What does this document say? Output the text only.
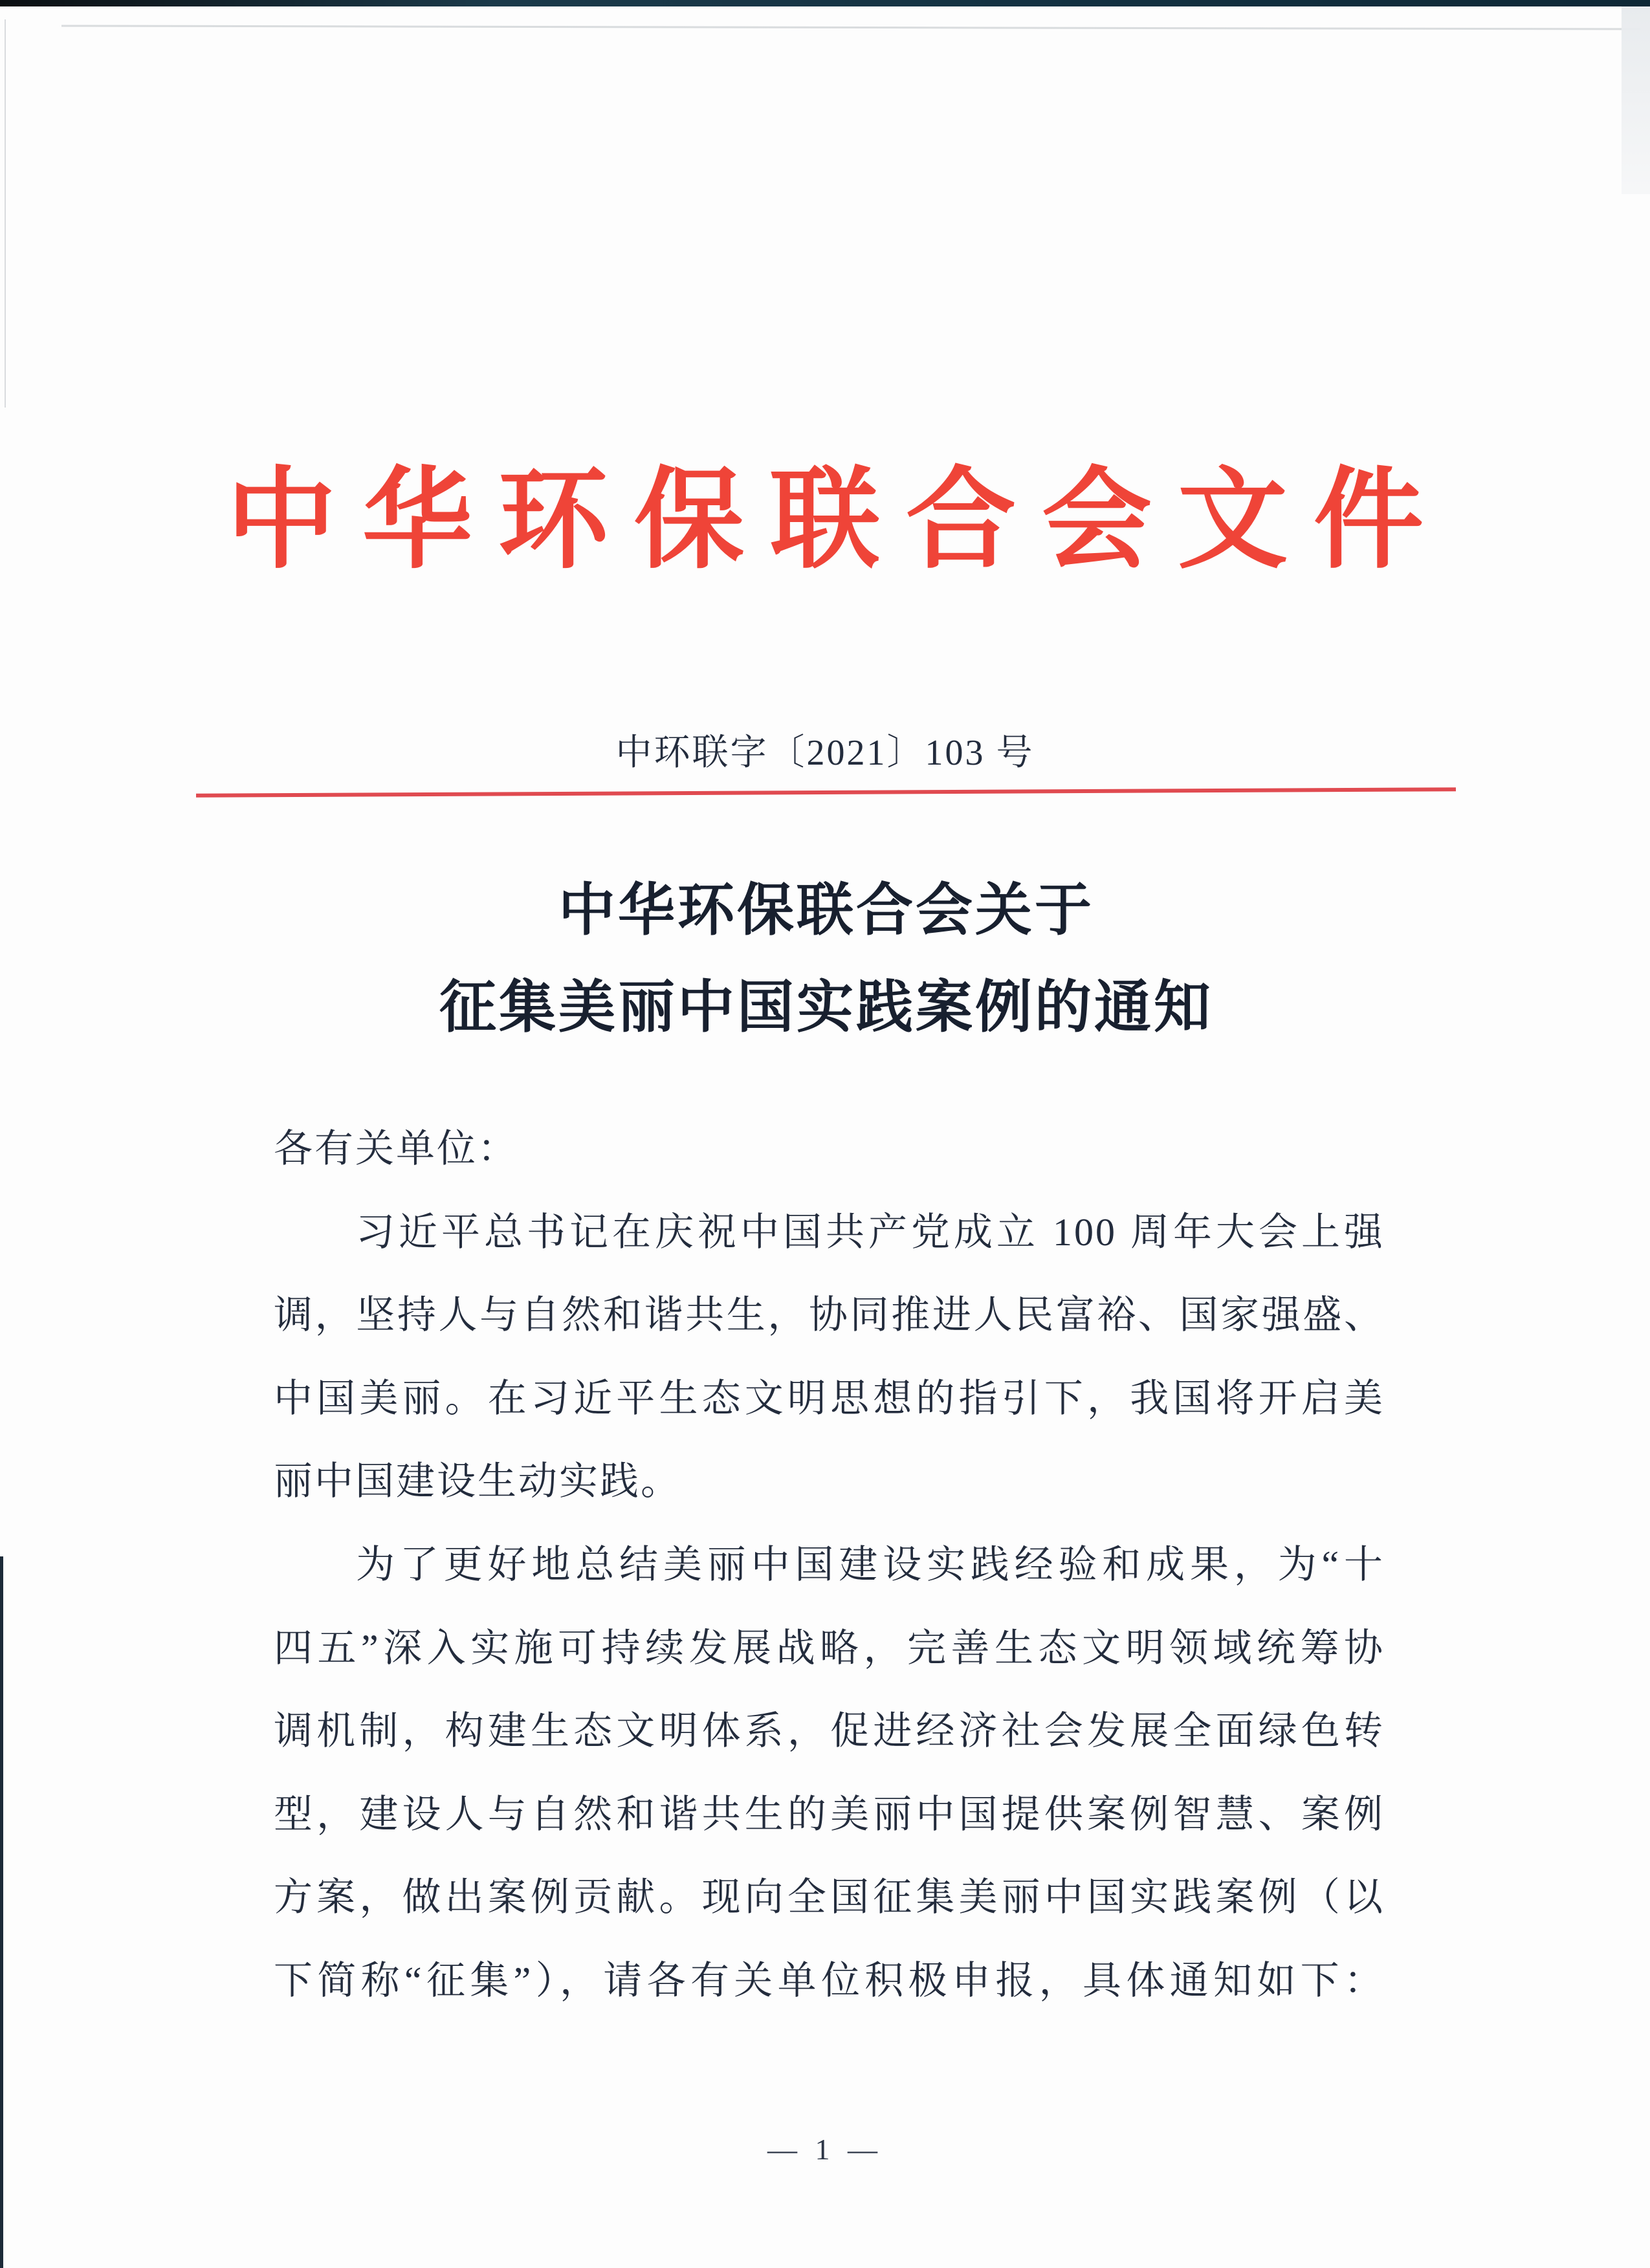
中华环保联合会文件
中环联字〔2021〕103 号
中华环保联合会关于
征集美丽中国实践案例的通知
各有关单位：
习近平总书记在庆祝中国共产党成立 100 周年大会上强
调，坚持人与自然和谐共生，协同推进人民富裕、国家强盛、
中国美丽。在习近平生态文明思想的指引下，我国将开启美
丽中国建设生动实践。
为了更好地总结美丽中国建设实践经验和成果，为“十
四五”深入实施可持续发展战略，完善生态文明领域统筹协
调机制，构建生态文明体系，促进经济社会发展全面绿色转
型，建设人与自然和谐共生的美丽中国提供案例智慧、案例
方案，做出案例贡献。现向全国征集美丽中国实践案例（以
下简称“征集”），请各有关单位积极申报，具体通知如下：
— 1 —
